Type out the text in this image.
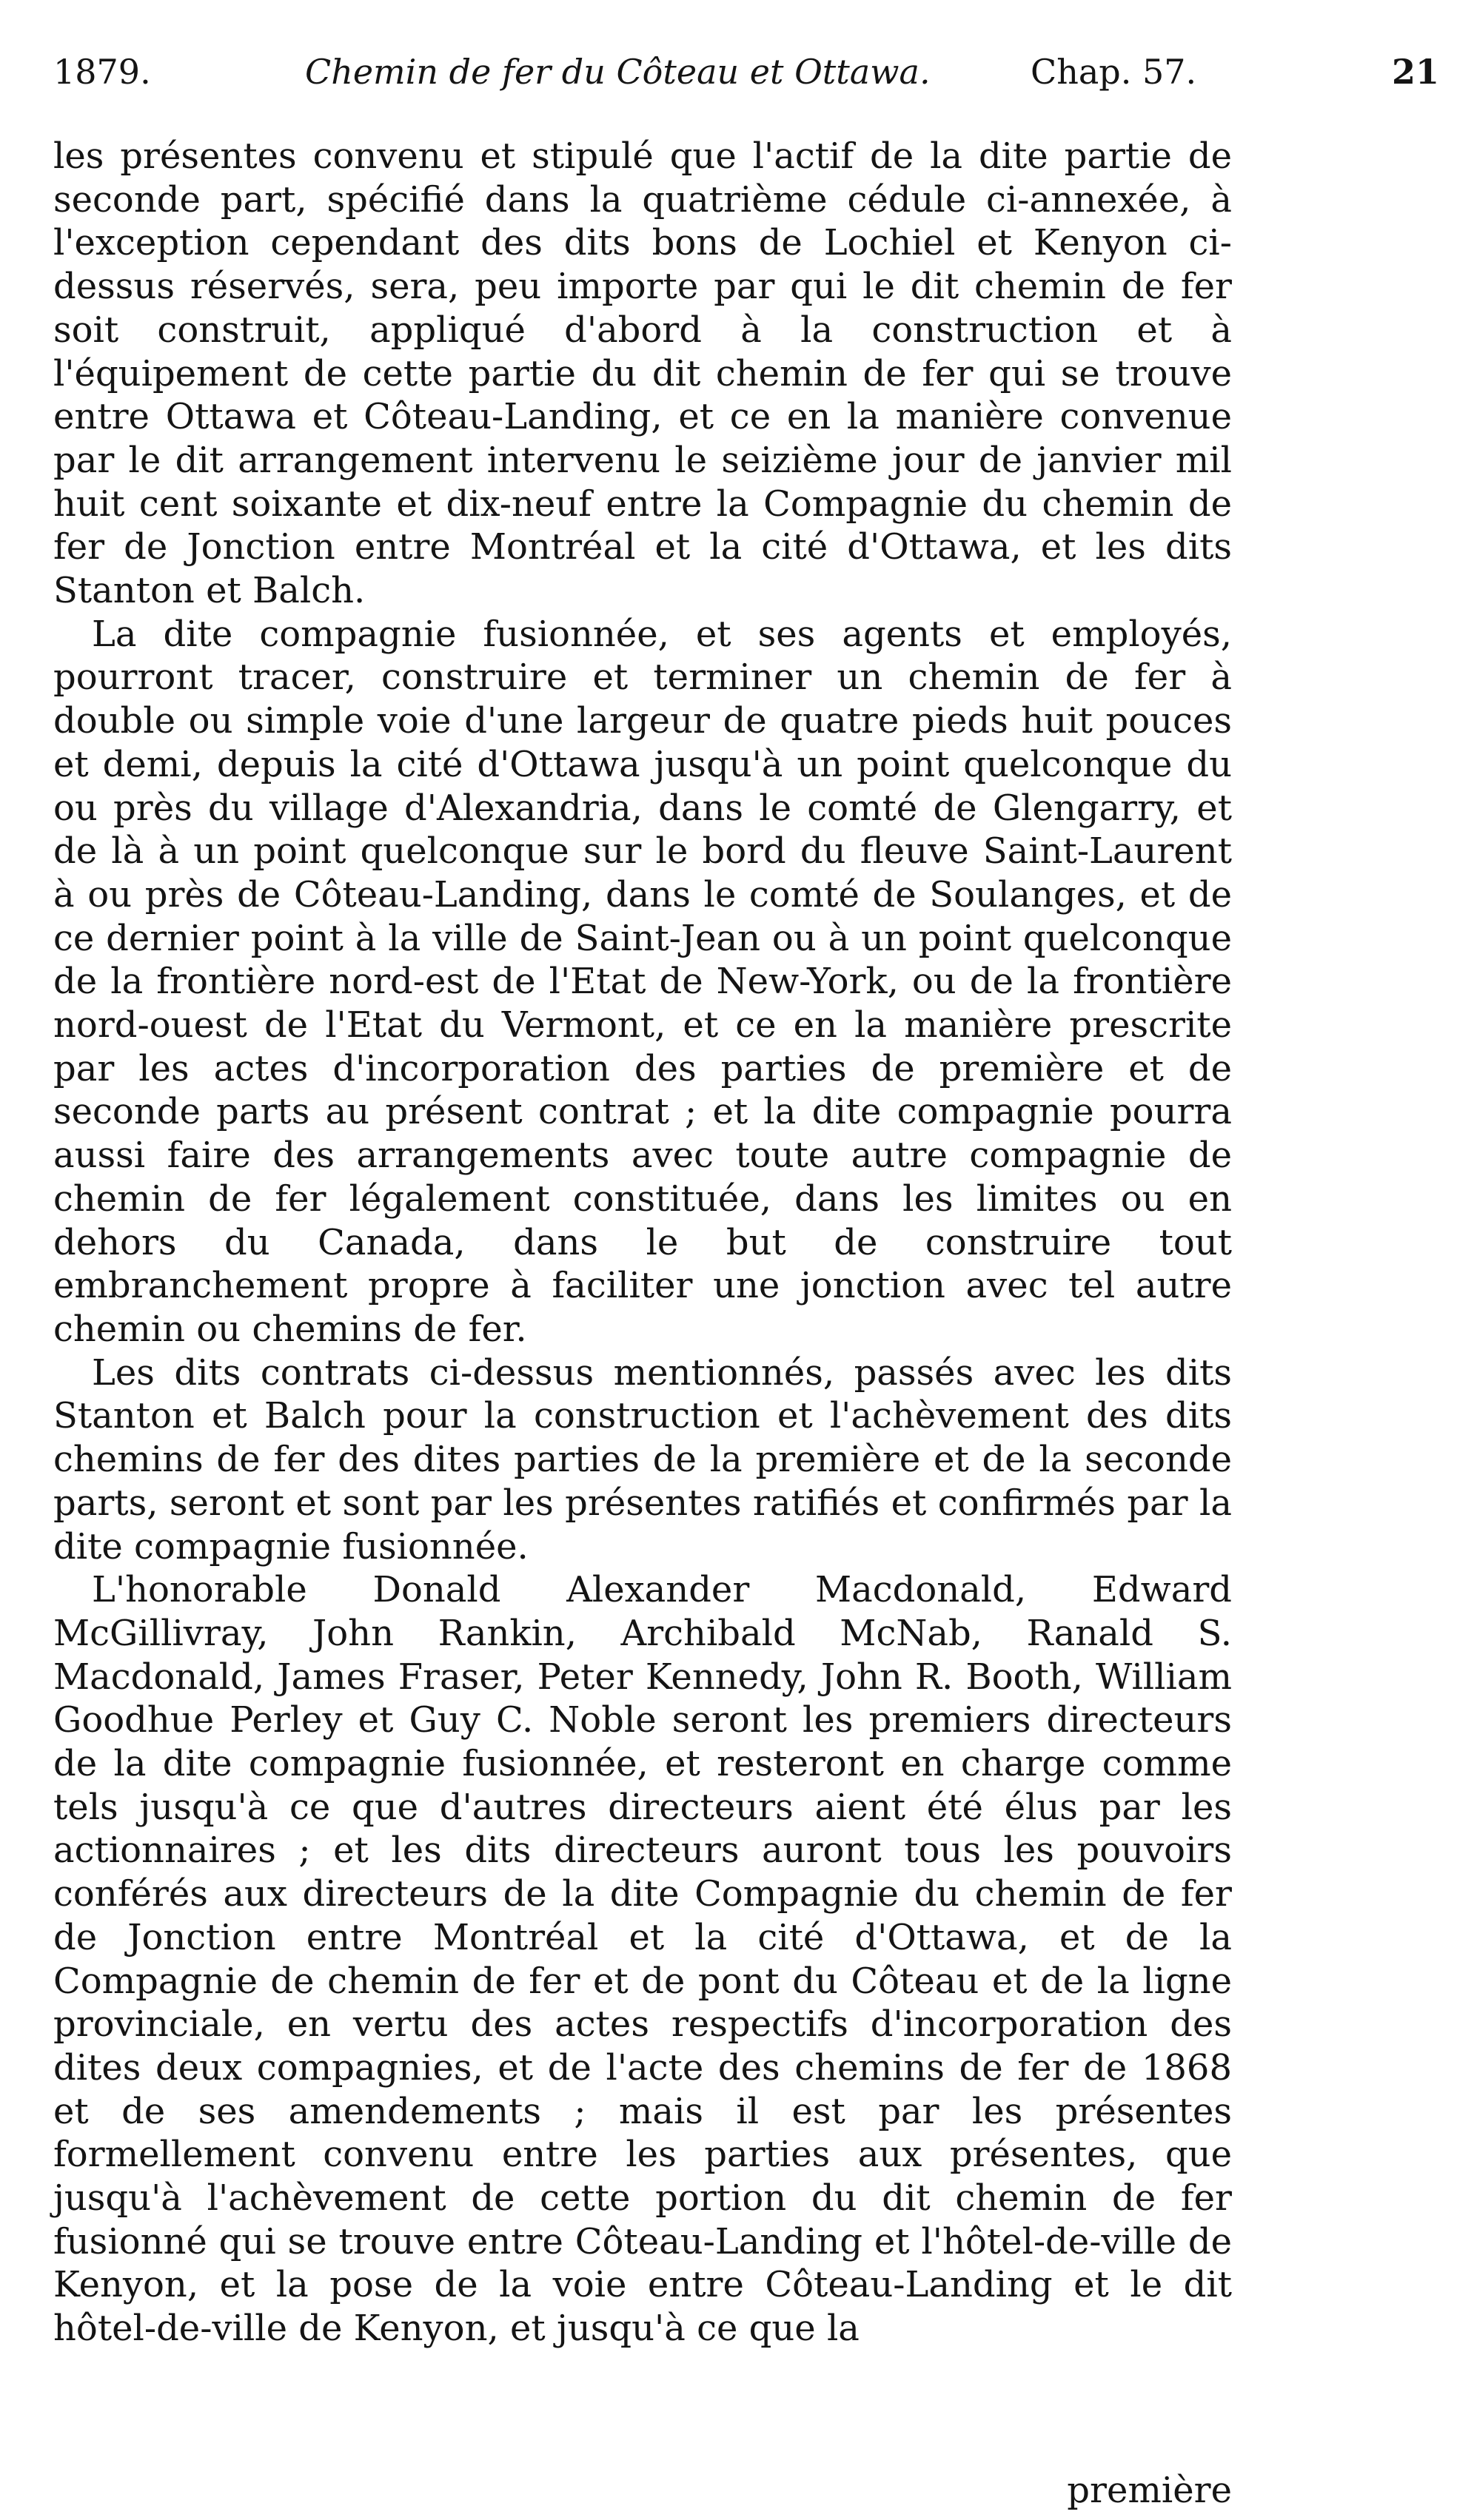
1879.	Chemin de fer du Côteau et Ottawa.	Chap. 57.	21

les présentes convenu et stipulé que l'actif de la dite partie de seconde part, spécifié dans la quatrième cédule ci-annexée, à l'exception cependant des dits bons de Lochiel et Kenyon ci-dessus réservés, sera, peu importe par qui le dit chemin de fer soit construit, appliqué d'abord à la construction et à l'équipement de cette partie du dit chemin de fer qui se trouve entre Ottawa et Côteau-Landing, et ce en la manière convenue par le dit arrangement intervenu le seizième jour de janvier mil huit cent soixante et dix-neuf entre la Compagnie du chemin de fer de Jonction entre Montréal et la cité d'Ottawa, et les dits Stanton et Balch.

La dite compagnie fusionnée, et ses agents et employés, pourront tracer, construire et terminer un chemin de fer à double ou simple voie d'une largeur de quatre pieds huit pouces et demi, depuis la cité d'Ottawa jusqu'à un point quelconque du ou près du village d'Alexandria, dans le comté de Glengarry, et de là à un point quelconque sur le bord du fleuve Saint-Laurent à ou près de Côteau-Landing, dans le comté de Soulanges, et de ce dernier point à la ville de Saint-Jean ou à un point quelconque de la frontière nord-est de l'Etat de New-York, ou de la frontière nord-ouest de l'Etat du Vermont, et ce en la manière prescrite par les actes d'incorporation des parties de première et de seconde parts au présent contrat ; et la dite compagnie pourra aussi faire des arrangements avec toute autre compagnie de chemin de fer légalement constituée, dans les limites ou en dehors du Canada, dans le but de construire tout embranchement propre à faciliter une jonction avec tel autre chemin ou chemins de fer.

Les dits contrats ci-dessus mentionnés, passés avec les dits Stanton et Balch pour la construction et l'achèvement des dits chemins de fer des dites parties de la première et de la seconde parts, seront et sont par les présentes ratifiés et confirmés par la dite compagnie fusionnée.

L'honorable Donald Alexander Macdonald, Edward McGillivray, John Rankin, Archibald McNab, Ranald S. Macdonald, James Fraser, Peter Kennedy, John R. Booth, William Goodhue Perley et Guy C. Noble seront les premiers directeurs de la dite compagnie fusionnée, et resteront en charge comme tels jusqu'à ce que d'autres directeurs aient été élus par les actionnaires ; et les dits directeurs auront tous les pouvoirs conférés aux directeurs de la dite Compagnie du chemin de fer de Jonction entre Montréal et la cité d'Ottawa, et de la Compagnie de chemin de fer et de pont du Côteau et de la ligne provinciale, en vertu des actes respectifs d'incorporation des dites deux compagnies, et de l'acte des chemins de fer de 1868 et de ses amendements ; mais il est par les présentes formellement convenu entre les parties aux présentes, que jusqu'à l'achèvement de cette portion du dit chemin de fer fusionné qui se trouve entre Côteau-Landing et l'hôtel-de-ville de Kenyon, et la pose de la voie entre Côteau-Landing et le dit hôtel-de-ville de Kenyon, et jusqu'à ce que la

première
